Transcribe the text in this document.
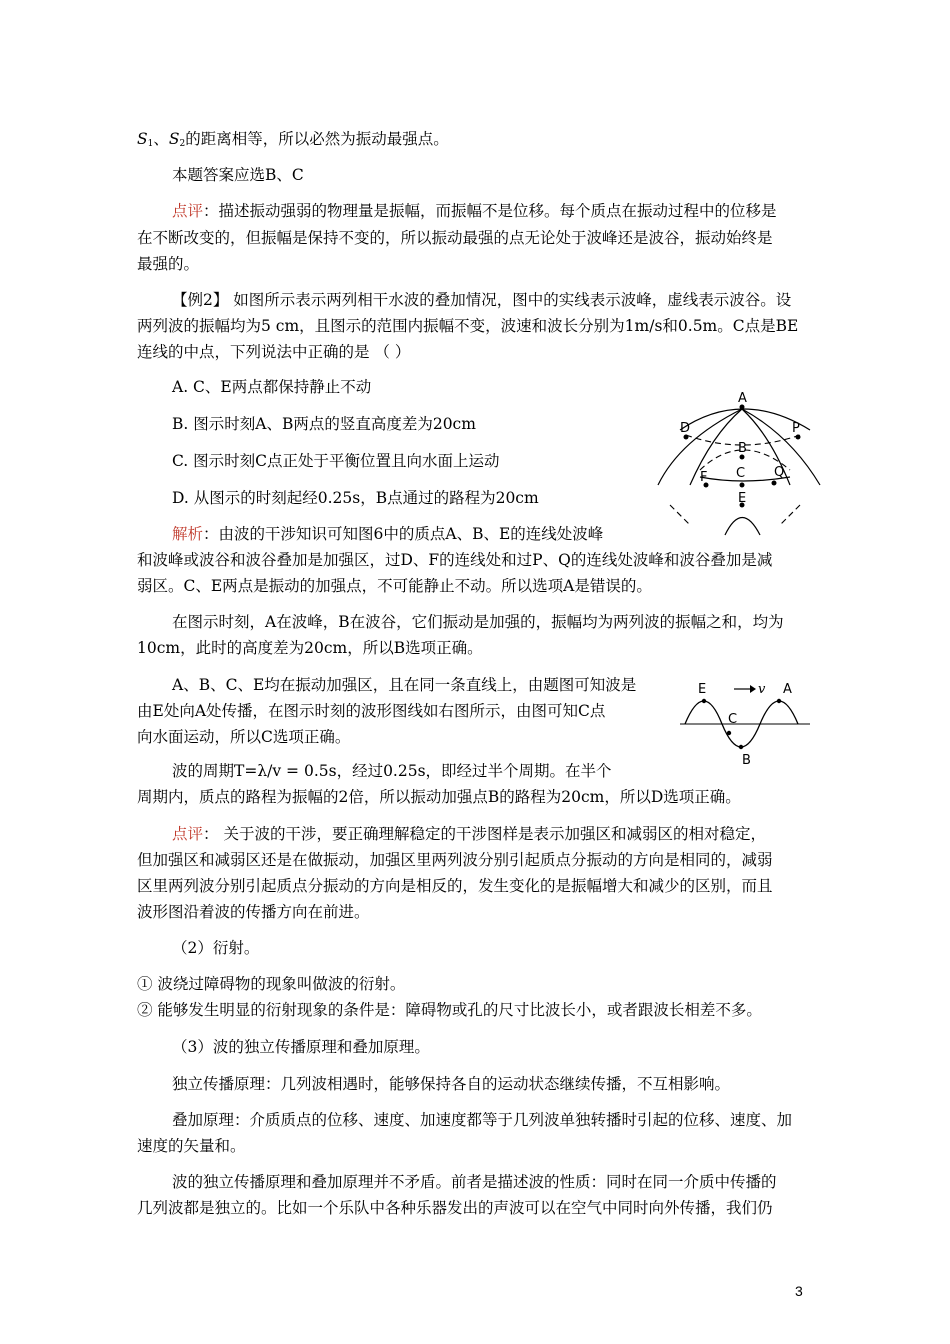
$S_1$、$S_2$的距离相等，所以必然为振动最强点。

本题答案应选B、C

点评：描述振动强弱的物理量是振幅，而振幅不是位移。每个质点在振动过程中的位移是

在不断改变的，但振幅是保持不变的，所以振动最强的点无论处于波峰还是波谷，振动始终是

最强的。

【例2】 如图所示表示两列相干水波的叠加情况，图中的实线表示波峰，虚线表示波谷。设

两列波的振幅均为5 cm，且图示的范围内振幅不变，波速和波长分别为1m/s和0.5m。C点是BE

连线的中点，下列说法中正确的是 （ ）

A. C、E两点都保持静止不动

B. 图示时刻A、B两点的竖直高度差为20cm

C. 图示时刻C点正处于平衡位置且向水面上运动

D. 从图示的时刻起经0.25s，B点通过的路程为20cm

解析：由波的干涉知识可知图6中的质点A、B、E的连线处波峰

和波峰或波谷和波谷叠加是加强区，过D、F的连线处和过P、Q的连线处波峰和波谷叠加是减

弱区。C、E两点是振动的加强点，不可能静止不动。所以选项A是错误的。

在图示时刻，A在波峰，B在波谷，它们振动是加强的，振幅均为两列波的振幅之和，均为

10cm，此时的高度差为20cm，所以B选项正确。

A、B、C、E均在振动加强区，且在同一条直线上，由题图可知波是

由E处向A处传播，在图示时刻的波形图线如右图所示，由图可知C点

向水面运动，所以C选项正确。

波的周期T=λ/v = 0.5s，经过0.25s，即经过半个周期。在半个

周期内，质点的路程为振幅的2倍，所以振动加强点B的路程为20cm，所以D选项正确。

点评： 关于波的干涉，要正确理解稳定的干涉图样是表示加强区和减弱区的相对稳定，

但加强区和减弱区还是在做振动，加强区里两列波分别引起质点分振动的方向是相同的，减弱

区里两列波分别引起质点分振动的方向是相反的，发生变化的是振幅增大和减少的区别，而且

波形图沿着波的传播方向在前进。

（2）衍射。

① 波绕过障碍物的现象叫做波的衍射。

② 能够发生明显的衍射现象的条件是：障碍物或孔的尺寸比波长小，或者跟波长相差不多。

（3）波的独立传播原理和叠加原理。

独立传播原理：几列波相遇时，能够保持各自的运动状态继续传播，不互相影响。

叠加原理：介质质点的位移、速度、加速度都等于几列波单独转播时引起的位移、速度、加

速度的矢量和。

波的独立传播原理和叠加原理并不矛盾。前者是描述波的性质：同时在同一介质中传播的

几列波都是独立的。比如一个乐队中各种乐器发出的声波可以在空气中同时向外传播，我们仍

A
D	P
B
C
F	Q
E
E	v A
C
B
3
